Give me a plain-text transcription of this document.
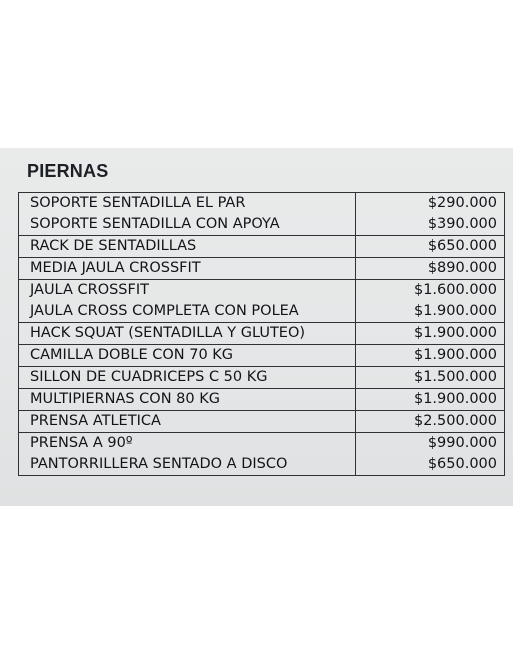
PIERNAS
SOPORTE SENTADILLA EL PAR	$290.000
SOPORTE SENTADILLA CON APOYA	$390.000
RACK DE SENTADILLAS	$650.000
MEDIA JAULA CROSSFIT	$890.000
JAULA CROSSFIT	$1.600.000
JAULA CROSS COMPLETA CON POLEA	$1.900.000
HACK SQUAT (SENTADILLA Y GLUTEO)	$1.900.000
CAMILLA DOBLE CON 70 KG	$1.900.000
SILLON DE CUADRICEPS C 50 KG	$1.500.000
MULTIPIERNAS CON 80 KG	$1.900.000
PRENSA ATLETICA	$2.500.000
PRENSA A 90º	$990.000
PANTORRILLERA SENTADO A DISCO	$650.000
